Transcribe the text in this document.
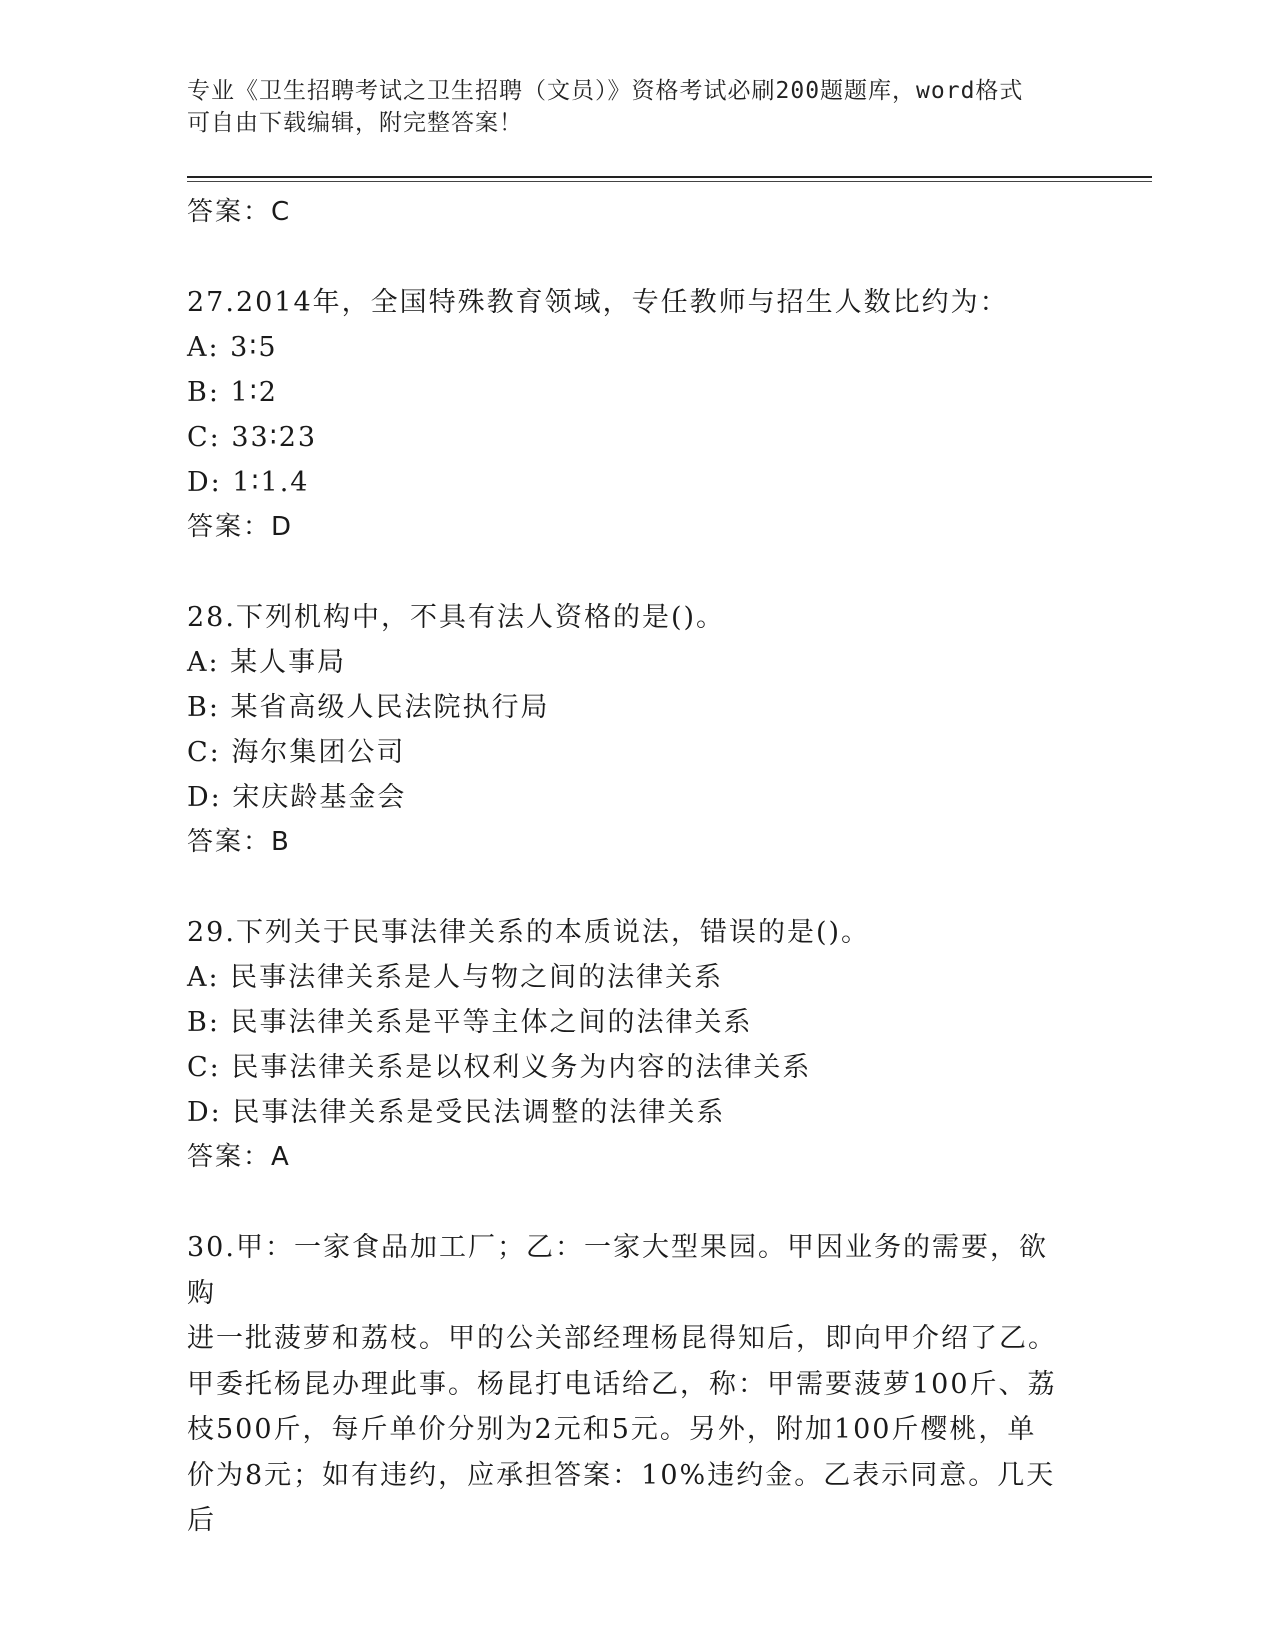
专业《卫生招聘考试之卫生招聘（文员）》资格考试必刷200题题库，word格式
可自由下载编辑，附完整答案！
答案：C
27.2014年，全国特殊教育领域，专任教师与招生人数比约为：
A: 3∶5
B: 1∶2
C: 33∶23
D: 1∶1.4
答案：D
28.下列机构中，不具有法人资格的是()。
A: 某人事局
B: 某省高级人民法院执行局
C: 海尔集团公司
D: 宋庆龄基金会
答案：B
29.下列关于民事法律关系的本质说法，错误的是()。
A: 民事法律关系是人与物之间的法律关系
B: 民事法律关系是平等主体之间的法律关系
C: 民事法律关系是以权利义务为内容的法律关系
D: 民事法律关系是受民法调整的法律关系
答案：A
30.甲：一家食品加工厂；乙：一家大型果园。甲因业务的需要，欲购
进一批菠萝和荔枝。甲的公关部经理杨昆得知后，即向甲介绍了乙。
甲委托杨昆办理此事。杨昆打电话给乙，称：甲需要菠萝100斤、荔
枝500斤，每斤单价分别为2元和5元。另外，附加100斤樱桃，单
价为8元；如有违约，应承担答案：10%违约金。乙表示同意。几天后
